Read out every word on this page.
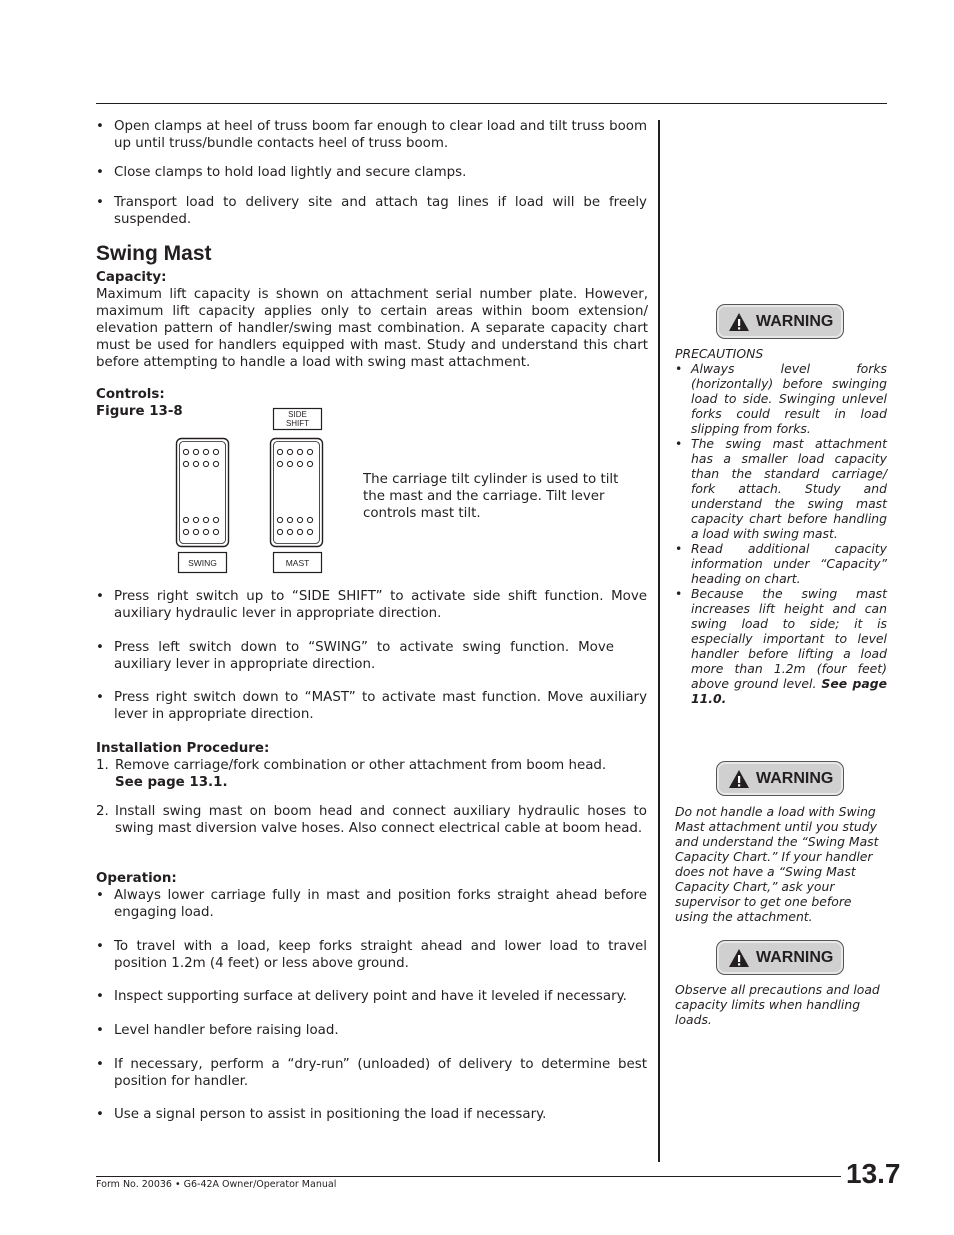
• Open clamps at heel of truss boom far enough to clear load and tilt truss boom up until truss/bundle contacts heel of truss boom.
• Close clamps to hold load lightly and secure clamps.
• Transport load to delivery site and attach tag lines if load will be freely suspended.
Swing Mast
Capacity:
Maximum lift capacity is shown on attachment serial number plate. However, maximum lift capacity applies only to certain areas within boom extension/ elevation pattern of handler/swing mast combination. A separate capacity chart must be used for handlers equipped with mast. Study and understand this chart before attempting to handle a load with swing mast attachment.
Controls:
Figure 13-8	SIDE
SHIFT
SWING	MAST
The carriage tilt cylinder is used to tilt the mast and the carriage. Tilt lever controls mast tilt.
• Press right switch up to “SIDE SHIFT” to activate side shift function. Move auxiliary hydraulic lever in appropriate direction.
• Press left switch down to “SWING” to activate swing function. Move auxiliary lever in appropriate direction.
• Press right switch down to “MAST” to activate mast function. Move auxiliary lever in appropriate direction.
Installation Procedure:
1. Remove carriage/fork combination or other attachment from boom head.
See page 13.1.
2. Install swing mast on boom head and connect auxiliary hydraulic hoses to swing mast diversion valve hoses. Also connect electrical cable at boom head.
Operation:
• Always lower carriage fully in mast and position forks straight ahead before engaging load.
• To travel with a load, keep forks straight ahead and lower load to travel position 1.2m (4 feet) or less above ground.
• Inspect supporting surface at delivery point and have it leveled if necessary.
• Level handler before raising load.
• If necessary, perform a “dry-run” (unloaded) of delivery to determine best position for handler.
• Use a signal person to assist in positioning the load if necessary.
WARNING
PRECAUTIONS
• Always level forks (horizontally) before swinging load to side. Swinging unlevel forks could result in load slipping from forks.
• The swing mast attachment has a smaller load capacity than the standard carriage/ fork attach. Study and understand the swing mast capacity chart before handling a load with swing mast.
• Read additional capacity information under “Capacity” heading on chart.
• Because the swing mast increases lift height and can swing load to side; it is especially important to level handler before lifting a load more than 1.2m (four feet) above ground level. See page 11.0.
WARNING
Do not handle a load with Swing Mast attachment until you study and understand the “Swing Mast Capacity Chart.” If your handler does not have a “Swing Mast Capacity Chart,” ask your supervisor to get one before using the attachment.
WARNING
Observe all precautions and load capacity limits when handling loads.
Form No. 20036 • G6-42A Owner/Operator Manual	13.7
